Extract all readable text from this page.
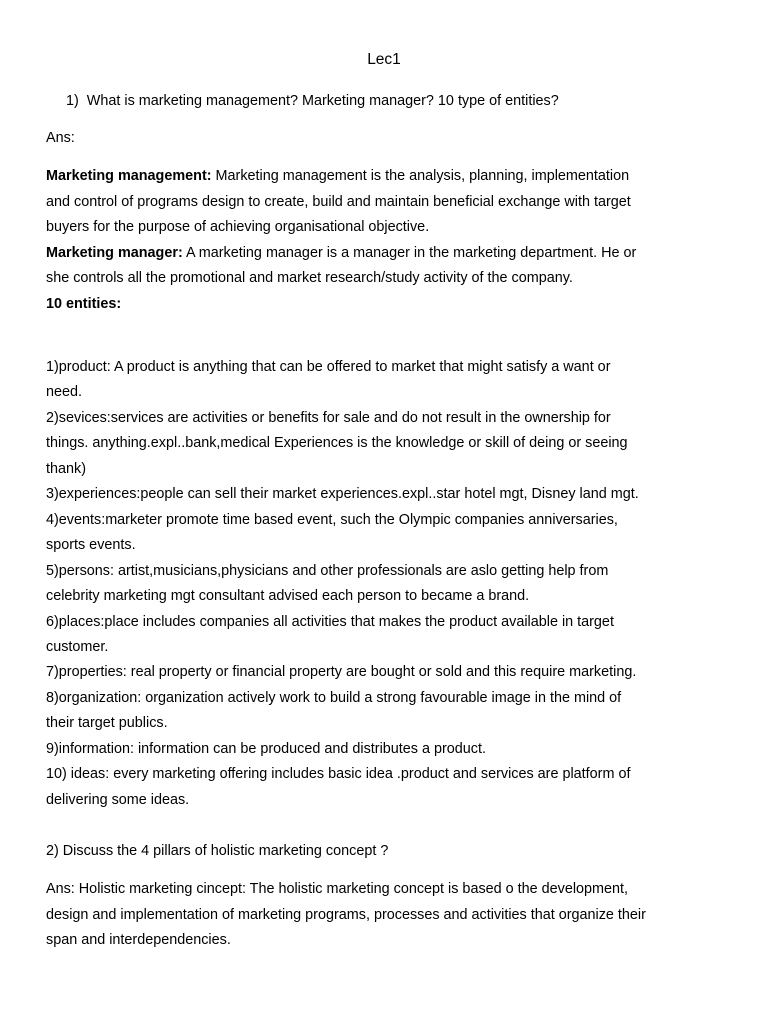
Lec1
1) What is marketing management? Marketing manager? 10 type of entities?
Ans:
Marketing management: Marketing management is the analysis, planning, implementation
and control of programs design to create, build and maintain beneficial exchange with target
buyers for the purpose of achieving organisational objective.
Marketing manager: A marketing manager is a manager in the marketing department. He or
she controls all the promotional and market research/study activity of the company.
10 entities:
1)product: A product is anything that can be offered to market that might satisfy a want or
need.
2)sevices:services are activities or benefits for sale and do not result in the ownership for
things. anything.expl..bank,medical Experiences is the knowledge or skill of deing or seeing
thank)
3)experiences:people can sell their market experiences.expl..star hotel mgt, Disney land mgt.
4)events:marketer promote time based event, such the Olympic companies anniversaries,
sports events.
5)persons: artist,musicians,physicians and other professionals are aslo getting help from
celebrity marketing mgt consultant advised each person to became a brand.
6)places:place includes companies all activities that makes the product available in target
customer.
7)properties: real property or financial property are bought or sold and this require marketing.
8)organization: organization actively work to build a strong favourable image in the mind of
their target publics.
9)information: information can be produced and distributes a product.
10) ideas: every marketing offering includes basic idea .product and services are platform of
delivering some ideas.
2) Discuss the 4 pillars of holistic marketing concept ?
Ans: Holistic marketing cincept: The holistic marketing concept is based o the development,
design and implementation of marketing programs, processes and activities that organize their
span and interdependencies.
